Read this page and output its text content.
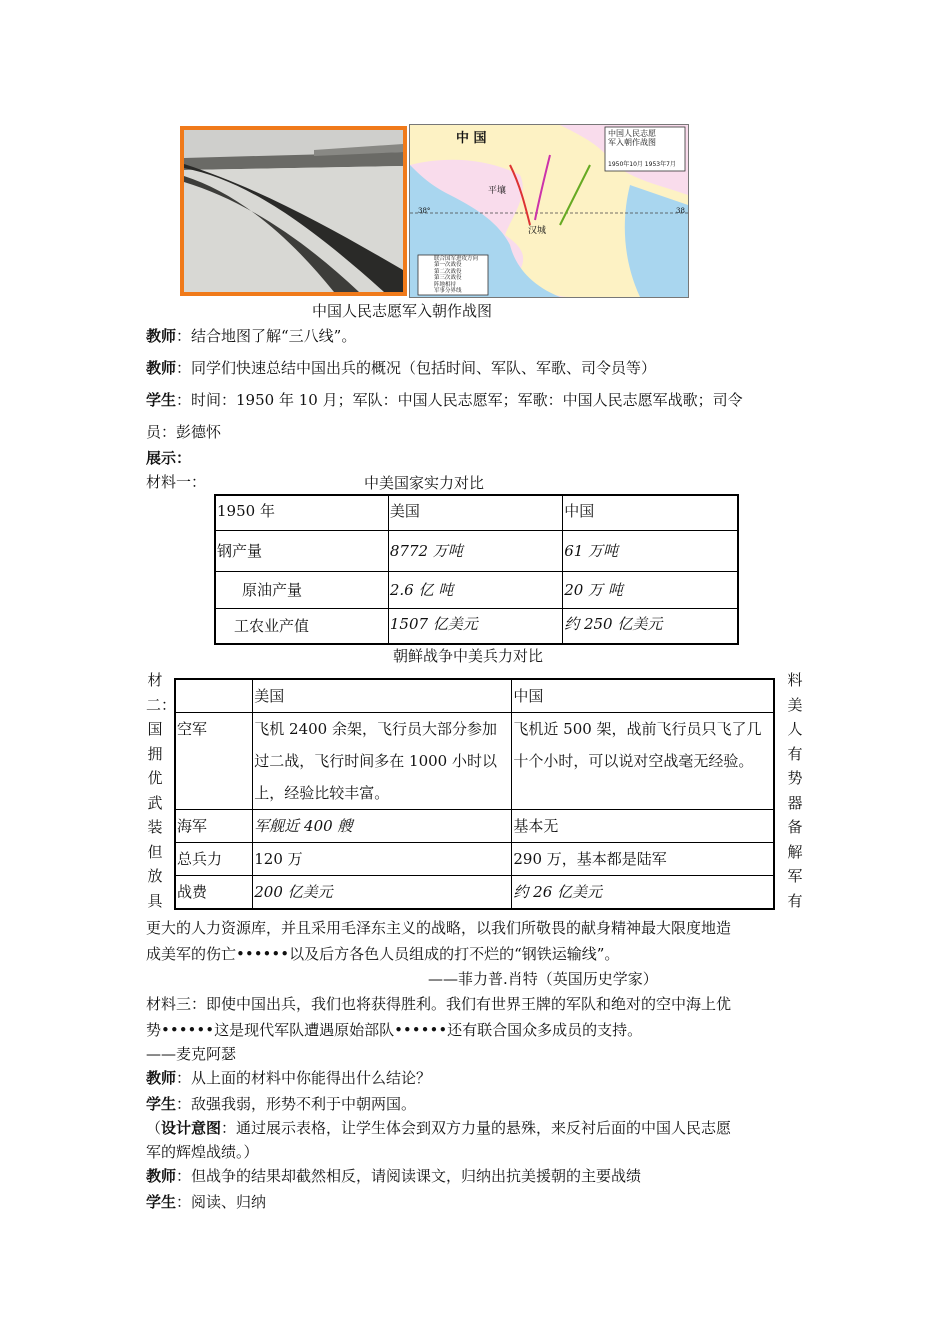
中国人民志愿
军入朝作战图
1950年10月 1953年7月
中 国
平壤
汉城
38°	38
联合国军进攻方向
第一次战役
第二次战役
第三次战役
阵地相持
军事分界线
中国人民志愿军入朝作战图
教师：结合地图了解“三八线”。
教师：同学们快速总结中国出兵的概况（包括时间、军队、军歌、司令员等）
学生：时间：1950 年 10 月；军队：中国人民志愿军；军歌：中国人民志愿军战歌；司令
员：彭德怀
展示：
材料一：	中美国家实力对比
1950 年	美国	中国
钢产量	8772 万吨	61 万吨
原油产量	2.6 亿 吨	20 万 吨
工农业产值	1507 亿美元	约 250 亿美元
朝鲜战争中美兵力对比
材
二：
国
拥
优
武
装
但
放
具
料
美
人
有
势
器
备
解
军
有
	美国	中国
空军	飞机 2400 余架，飞行员大部分参加过二战，飞行时间多在 1000 小时以上，经验比较丰富。	飞机近 500 架，战前飞行员只飞了几十个小时，可以说对空战毫无经验。
海军	军舰近 400 艘	基本无
总兵力	120 万	290 万，基本都是陆军
战费	200 亿美元	约 26 亿美元
更大的人力资源库，并且采用毛泽东主义的战略，以我们所敬畏的献身精神最大限度地造
成美军的伤亡••••••以及后方各色人员组成的打不烂的“钢铁运输线”。
——菲力普.肖特（英国历史学家）
材料三：即使中国出兵，我们也将获得胜利。我们有世界王牌的军队和绝对的空中海上优
势••••••这是现代军队遭遇原始部队••••••还有联合国众多成员的支持。
——麦克阿瑟
教师：从上面的材料中你能得出什么结论？
学生：敌强我弱，形势不利于中朝两国。
（设计意图：通过展示表格，让学生体会到双方力量的悬殊，来反衬后面的中国人民志愿
军的辉煌战绩。）
教师：但战争的结果却截然相反，请阅读课文，归纳出抗美援朝的主要战绩
学生：阅读、归纳
